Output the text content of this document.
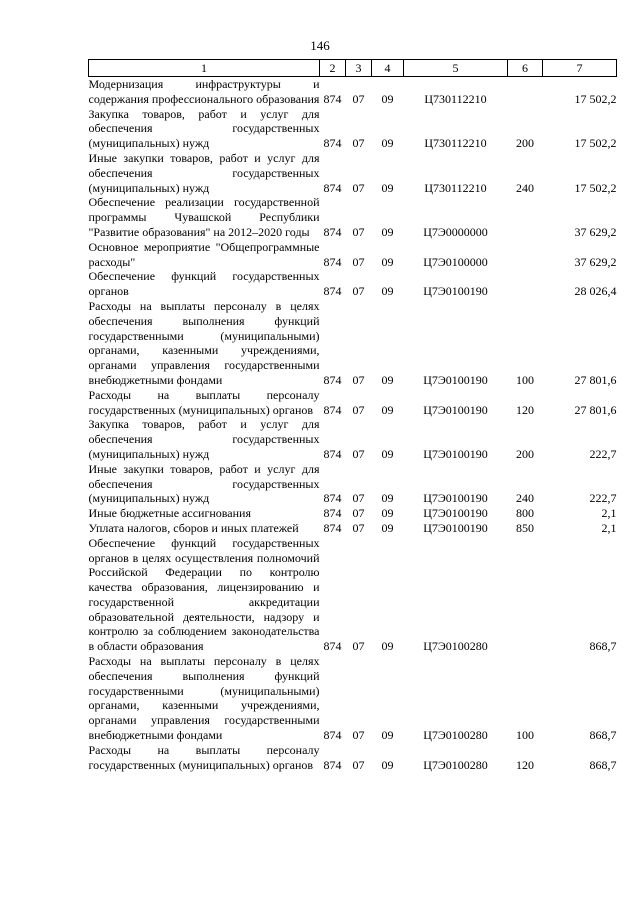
146
1	2	3	4	5	6	7
Модернизация инфраструктуры и содержания профессионального образования	874	07	09	Ц730112210		17 502,2
Закупка товаров, работ и услуг для обеспечения государственных (муниципальных) нужд	874	07	09	Ц730112210	200	17 502,2
Иные закупки товаров, работ и услуг для обеспечения государственных (муниципальных) нужд	874	07	09	Ц730112210	240	17 502,2
Обеспечение реализации государственной программы Чувашской Республики "Развитие образования" на 2012–2020 годы	874	07	09	Ц7Э0000000		37 629,2
Основное мероприятие "Общепрограммные расходы"	874	07	09	Ц7Э0100000		37 629,2
Обеспечение функций государственных органов	874	07	09	Ц7Э0100190		28 026,4
Расходы на выплаты персоналу в целях обеспечения выполнения функций государственными (муниципальными) органами, казенными учреждениями, органами управления государственными внебюджетными фондами	874	07	09	Ц7Э0100190	100	27 801,6
Расходы на выплаты персоналу государственных (муниципальных) органов	874	07	09	Ц7Э0100190	120	27 801,6
Закупка товаров, работ и услуг для обеспечения государственных (муниципальных) нужд	874	07	09	Ц7Э0100190	200	222,7
Иные закупки товаров, работ и услуг для обеспечения государственных (муниципальных) нужд	874	07	09	Ц7Э0100190	240	222,7
Иные бюджетные ассигнования	874	07	09	Ц7Э0100190	800	2,1
Уплата налогов, сборов и иных платежей	874	07	09	Ц7Э0100190	850	2,1
Обеспечение функций государственных органов в целях осуществления полномочий Российской Федерации по контролю качества образования, лицензированию и государственной аккредитации образовательной деятельности, надзору и контролю за соблюдением законодательства в области образования	874	07	09	Ц7Э0100280		868,7
Расходы на выплаты персоналу в целях обеспечения выполнения функций государственными (муниципальными) органами, казенными учреждениями, органами управления государственными внебюджетными фондами	874	07	09	Ц7Э0100280	100	868,7
Расходы на выплаты персоналу государственных (муниципальных) органов	874	07	09	Ц7Э0100280	120	868,7
